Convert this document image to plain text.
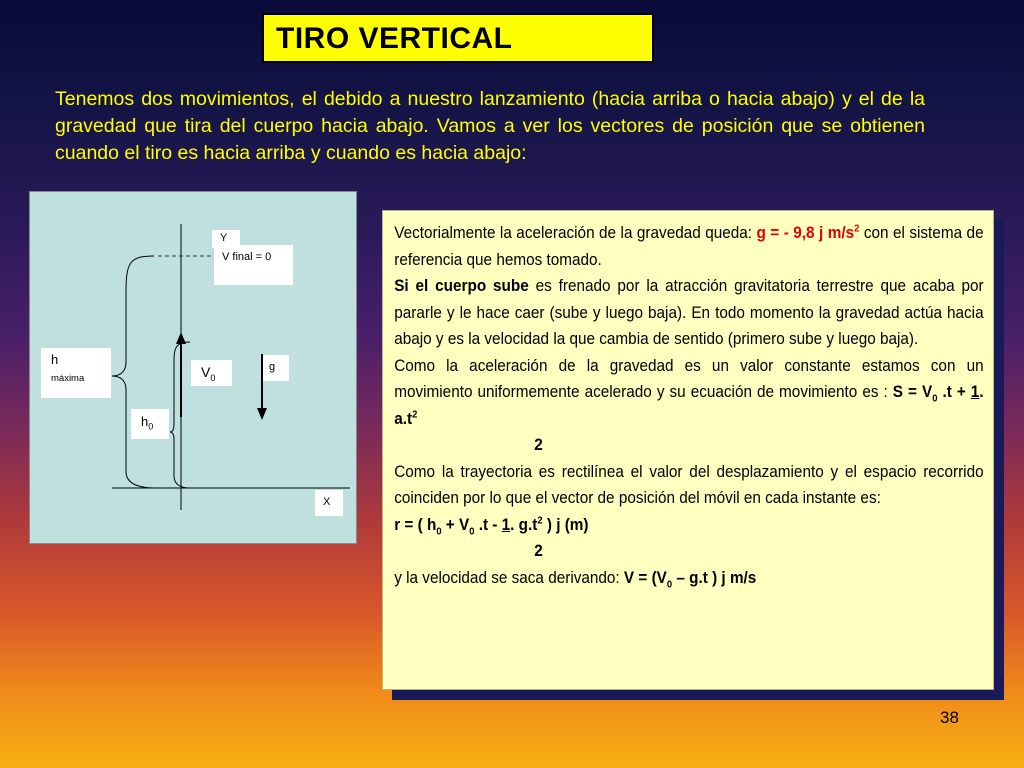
TIRO VERTICAL
Tenemos dos movimientos, el debido a nuestro lanzamiento (hacia arriba o hacia abajo) y el de la gravedad que tira del cuerpo hacia abajo. Vamos a ver los vectores de posición que se obtienen cuando el tiro es hacia arriba y cuando es hacia abajo:
Y
V final = 0
h
máxima	$V_0$
g
$h_0$
X

Vectorialmente la aceleración de la gravedad queda: g = - 9,8 j $m/s^2$ con el sistema de referencia que hemos tomado.

Si el cuerpo sube es frenado por la atracción gravitatoria terrestre que acaba por pararle y le hace caer (sube y luego baja). En todo momento la gravedad actúa hacia abajo y es la velocidad la que cambia de sentido (primero sube y luego baja).

Como la aceleración de la gravedad es un valor constante estamos con un movimiento uniformemente acelerado y su ecuación de movimiento es : $S = V_0$ .t + 1. $a.t^2$

2

Como la trayectoria es rectilínea el valor del desplazamiento y el espacio recorrido coinciden por lo que el vector de posición del móvil en cada instante es:

r = ( $h_0 + V_0$ .t - 1. $g.t^2$ ) j (m)

2

y la velocidad se saca derivando: $V = (V_0 - g.t$ ) j m/s

38
